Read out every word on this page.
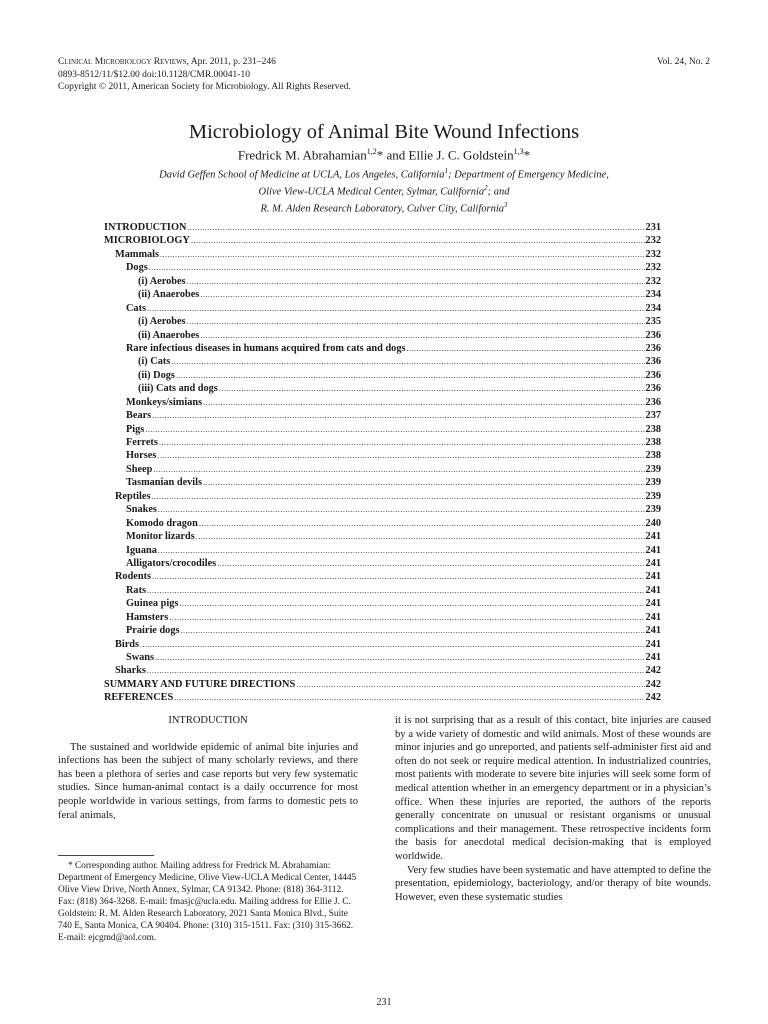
Clinical Microbiology Reviews, Apr. 2011, p. 231–246
0893-8512/11/$12.00 doi:10.1128/CMR.00041-10
Copyright © 2011, American Society for Microbiology. All Rights Reserved.
Vol. 24, No. 2
Microbiology of Animal Bite Wound Infections
Fredrick M. Abrahamian$^{1,2}$* and Ellie J. C. Goldstein$^{1,3}$*
David Geffen School of Medicine at UCLA, Los Angeles, California$^1$; Department of Emergency Medicine,
Olive View-UCLA Medical Center, Sylmar, California$^2$; and
R. M. Alden Research Laboratory, Culver City, California$^3$
INTRODUCTION .....	231
MICROBIOLOGY .....	232
Mammals .....	232
Dogs .....	232
(i) Aerobes .....	232
(ii) Anaerobes .....	234
Cats .....	234
(i) Aerobes .....	235
(ii) Anaerobes .....	236
Rare infectious diseases in humans acquired from cats and dogs .....	236
(i) Cats .....	236
(ii) Dogs .....	236
(iii) Cats and dogs .....	236
Monkeys/simians .....	236
Bears .....	237
Pigs .....	238
Ferrets .....	238
Horses .....	238
Sheep .....	239
Tasmanian devils .....	239
Reptiles .....	239
Snakes .....	239
Komodo dragon .....	240
Monitor lizards .....	241
Iguana .....	241
Alligators/crocodiles .....	241
Rodents .....	241
Rats .....	241
Guinea pigs .....	241
Hamsters .....	241
Prairie dogs .....	241
Birds .....	241
Swans .....	241
Sharks .....	242
SUMMARY AND FUTURE DIRECTIONS .....	242
REFERENCES .....	242
INTRODUCTION

The sustained and worldwide epidemic of animal bite injuries and infections has been the subject of many scholarly reviews, and there has been a plethora of series and case reports but very few systematic studies. Since human-animal contact is a daily occurrence for most people worldwide in various settings, from farms to domestic pets to feral animals,

* Corresponding author. Mailing address for Fredrick M. Abrahamian: Department of Emergency Medicine, Olive View-UCLA Medical Center, 14445 Olive View Drive, North Annex, Sylmar, CA 91342. Phone: (818) 364-3112. Fax: (818) 364-3268. E-mail: fmasjc@ucla.edu. Mailing address for Ellie J. C. Goldstein: R. M. Alden Research Laboratory, 2021 Santa Monica Blvd., Suite 740 E, Santa Monica, CA 90404. Phone: (310) 315-1511. Fax: (310) 315-3662. E-mail: ejcgmd@aol.com.

it is not surprising that as a result of this contact, bite injuries are caused by a wide variety of domestic and wild animals. Most of these wounds are minor injuries and go unreported, and patients self-administer first aid and often do not seek or require medical attention. In industrialized countries, most patients with moderate to severe bite injuries will seek some form of medical attention whether in an emergency department or in a physician’s office. When these injuries are reported, the authors of the reports generally concentrate on unusual or resistant organisms or unusual complications and their management. These retrospective incidents form the basis for anecdotal medical decision-making that is employed worldwide.

Very few studies have been systematic and have attempted to define the presentation, epidemiology, bacteriology, and/or therapy of bite wounds. However, even these systematic studies

231
